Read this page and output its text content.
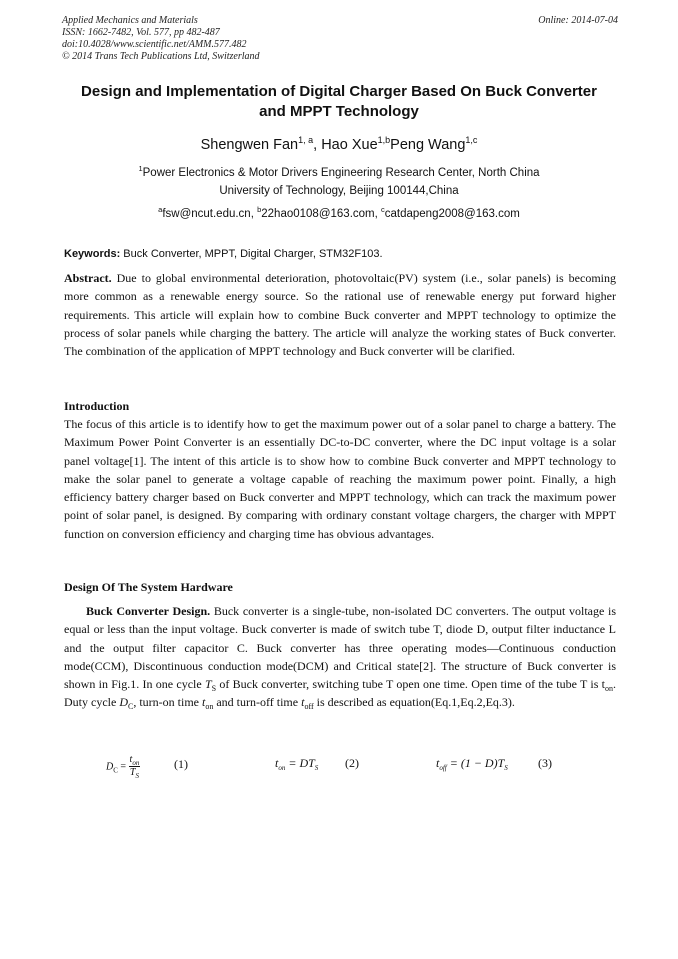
Applied Mechanics and Materials
ISSN: 1662-7482, Vol. 577, pp 482-487
doi:10.4028/www.scientific.net/AMM.577.482
© 2014 Trans Tech Publications Ltd, Switzerland
Online: 2014-07-04
Design and Implementation of Digital Charger Based On Buck Converter
and MPPT Technology
Shengwen Fan$^{1, a}$, Hao Xue$^{1,b}$Peng Wang$^{1,c}$
$^1$Power Electronics & Motor Drivers Engineering Research Center, North China
University of Technology, Beijing 100144,China
$^a$fsw@ncut.edu.cn, $^b$22hao0108@163.com, $^c$catdapeng2008@163.com
Keywords: Buck Converter, MPPT, Digital Charger, STM32F103.
Abstract. Due to global environmental deterioration, photovoltaic(PV) system (i.e., solar panels) is becoming more common as a renewable energy source. So the rational use of renewable energy put forward higher requirements. This article will explain how to combine Buck converter and MPPT technology to optimize the process of solar panels while charging the battery. The article will analyze the working states of Buck converter. The combination of the application of MPPT technology and Buck converter will be clarified.
Introduction
The focus of this article is to identify how to get the maximum power out of a solar panel to charge a battery. The Maximum Power Point Converter is an essentially DC-to-DC converter, where the DC input voltage is a solar panel voltage[1]. The intent of this article is to show how to combine Buck converter and MPPT technology to make the solar panel to generate a voltage capable of reaching the maximum power point. Finally, a high efficiency battery charger based on Buck converter and MPPT technology, which can track the maximum power point of solar panel, is designed. By comparing with ordinary constant voltage chargers, the charger with MPPT function on conversion efficiency and charging time has obvious advantages.
Design Of The System Hardware
Buck Converter Design. Buck converter is a single-tube, non-isolated DC converters. The output voltage is equal or less than the input voltage. Buck converter is made of switch tube T, diode D, output filter inductance L and the output filter capacitor C. Buck converter has three operating modes—Continuous conduction mode(CCM), Discontinuous conduction mode(DCM) and Critical state[2]. The structure of Buck converter is shown in Fig.1. In one cycle $T_S$ of Buck converter, switching tube T open one time. Open time of the tube T is $t_{on}$. Duty cycle $D_C$, turn-on time $t_{on}$ and turn-off time $t_{off}$ is described as equation(Eq.1,Eq.2,Eq.3).
$D_C = \frac{t_{on}}{T_S}$	(1)	$t_{on} = DT_S$ (2)	$t_{off} = (1 - D)T_S$	(3)
